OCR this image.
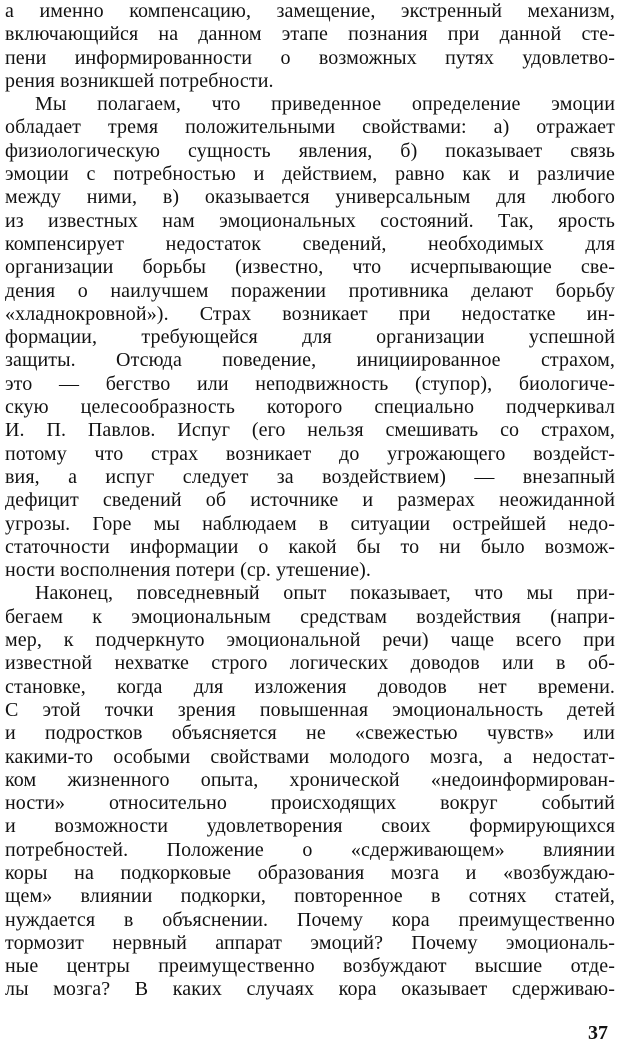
а именно компенсацию, замещение, экстренный механизм,
включающийся на данном этапе познания при данной сте-
пени информированности о возможных путях удовлетво-
рения возникшей потребности.
Мы полагаем, что приведенное определение эмоции
обладает тремя положительными свойствами: а) отражает
физиологическую сущность явления, б) показывает связь
эмоции с потребностью и действием, равно как и различие
между ними, в) оказывается универсальным для любого
из известных нам эмоциональных состояний. Так, ярость
компенсирует недостаток сведений, необходимых для
организации борьбы (известно, что исчерпывающие све-
дения о наилучшем поражении противника делают борьбу
«хладнокровной»). Страх возникает при недостатке ин-
формации, требующейся для организации успешной
защиты. Отсюда поведение, инициированное страхом,
это — бегство или неподвижность (ступор), биологиче-
скую целесообразность которого специально подчеркивал
И. П. Павлов. Испуг (его нельзя смешивать со страхом,
потому что страх возникает до угрожающего воздейст-
вия, а испуг следует за воздействием) — внезапный
дефицит сведений об источнике и размерах неожиданной
угрозы. Горе мы наблюдаем в ситуации острейшей недо-
статочности информации о какой бы то ни было возмож-
ности восполнения потери (ср. утешение).
Наконец, повседневный опыт показывает, что мы при-
бегаем к эмоциональным средствам воздействия (напри-
мер, к подчеркнуто эмоциональной речи) чаще всего при
известной нехватке строго логических доводов или в об-
становке, когда для изложения доводов нет времени.
С этой точки зрения повышенная эмоциональность детей
и подростков объясняется не «свежестью чувств» или
какими-то особыми свойствами молодого мозга, а недостат-
ком жизненного опыта, хронической «недоинформирован-
ности» относительно происходящих вокруг событий
и возможности удовлетворения своих формирующихся
потребностей. Положение о «сдерживающем» влиянии
коры на подкорковые образования мозга и «возбуждаю-
щем» влиянии подкорки, повторенное в сотнях статей,
нуждается в объяснении. Почему кора преимущественно
тормозит нервный аппарат эмоций? Почему эмоциональ-
ные центры преимущественно возбуждают высшие отде-
лы мозга? В каких случаях кора оказывает сдерживаю-
37
